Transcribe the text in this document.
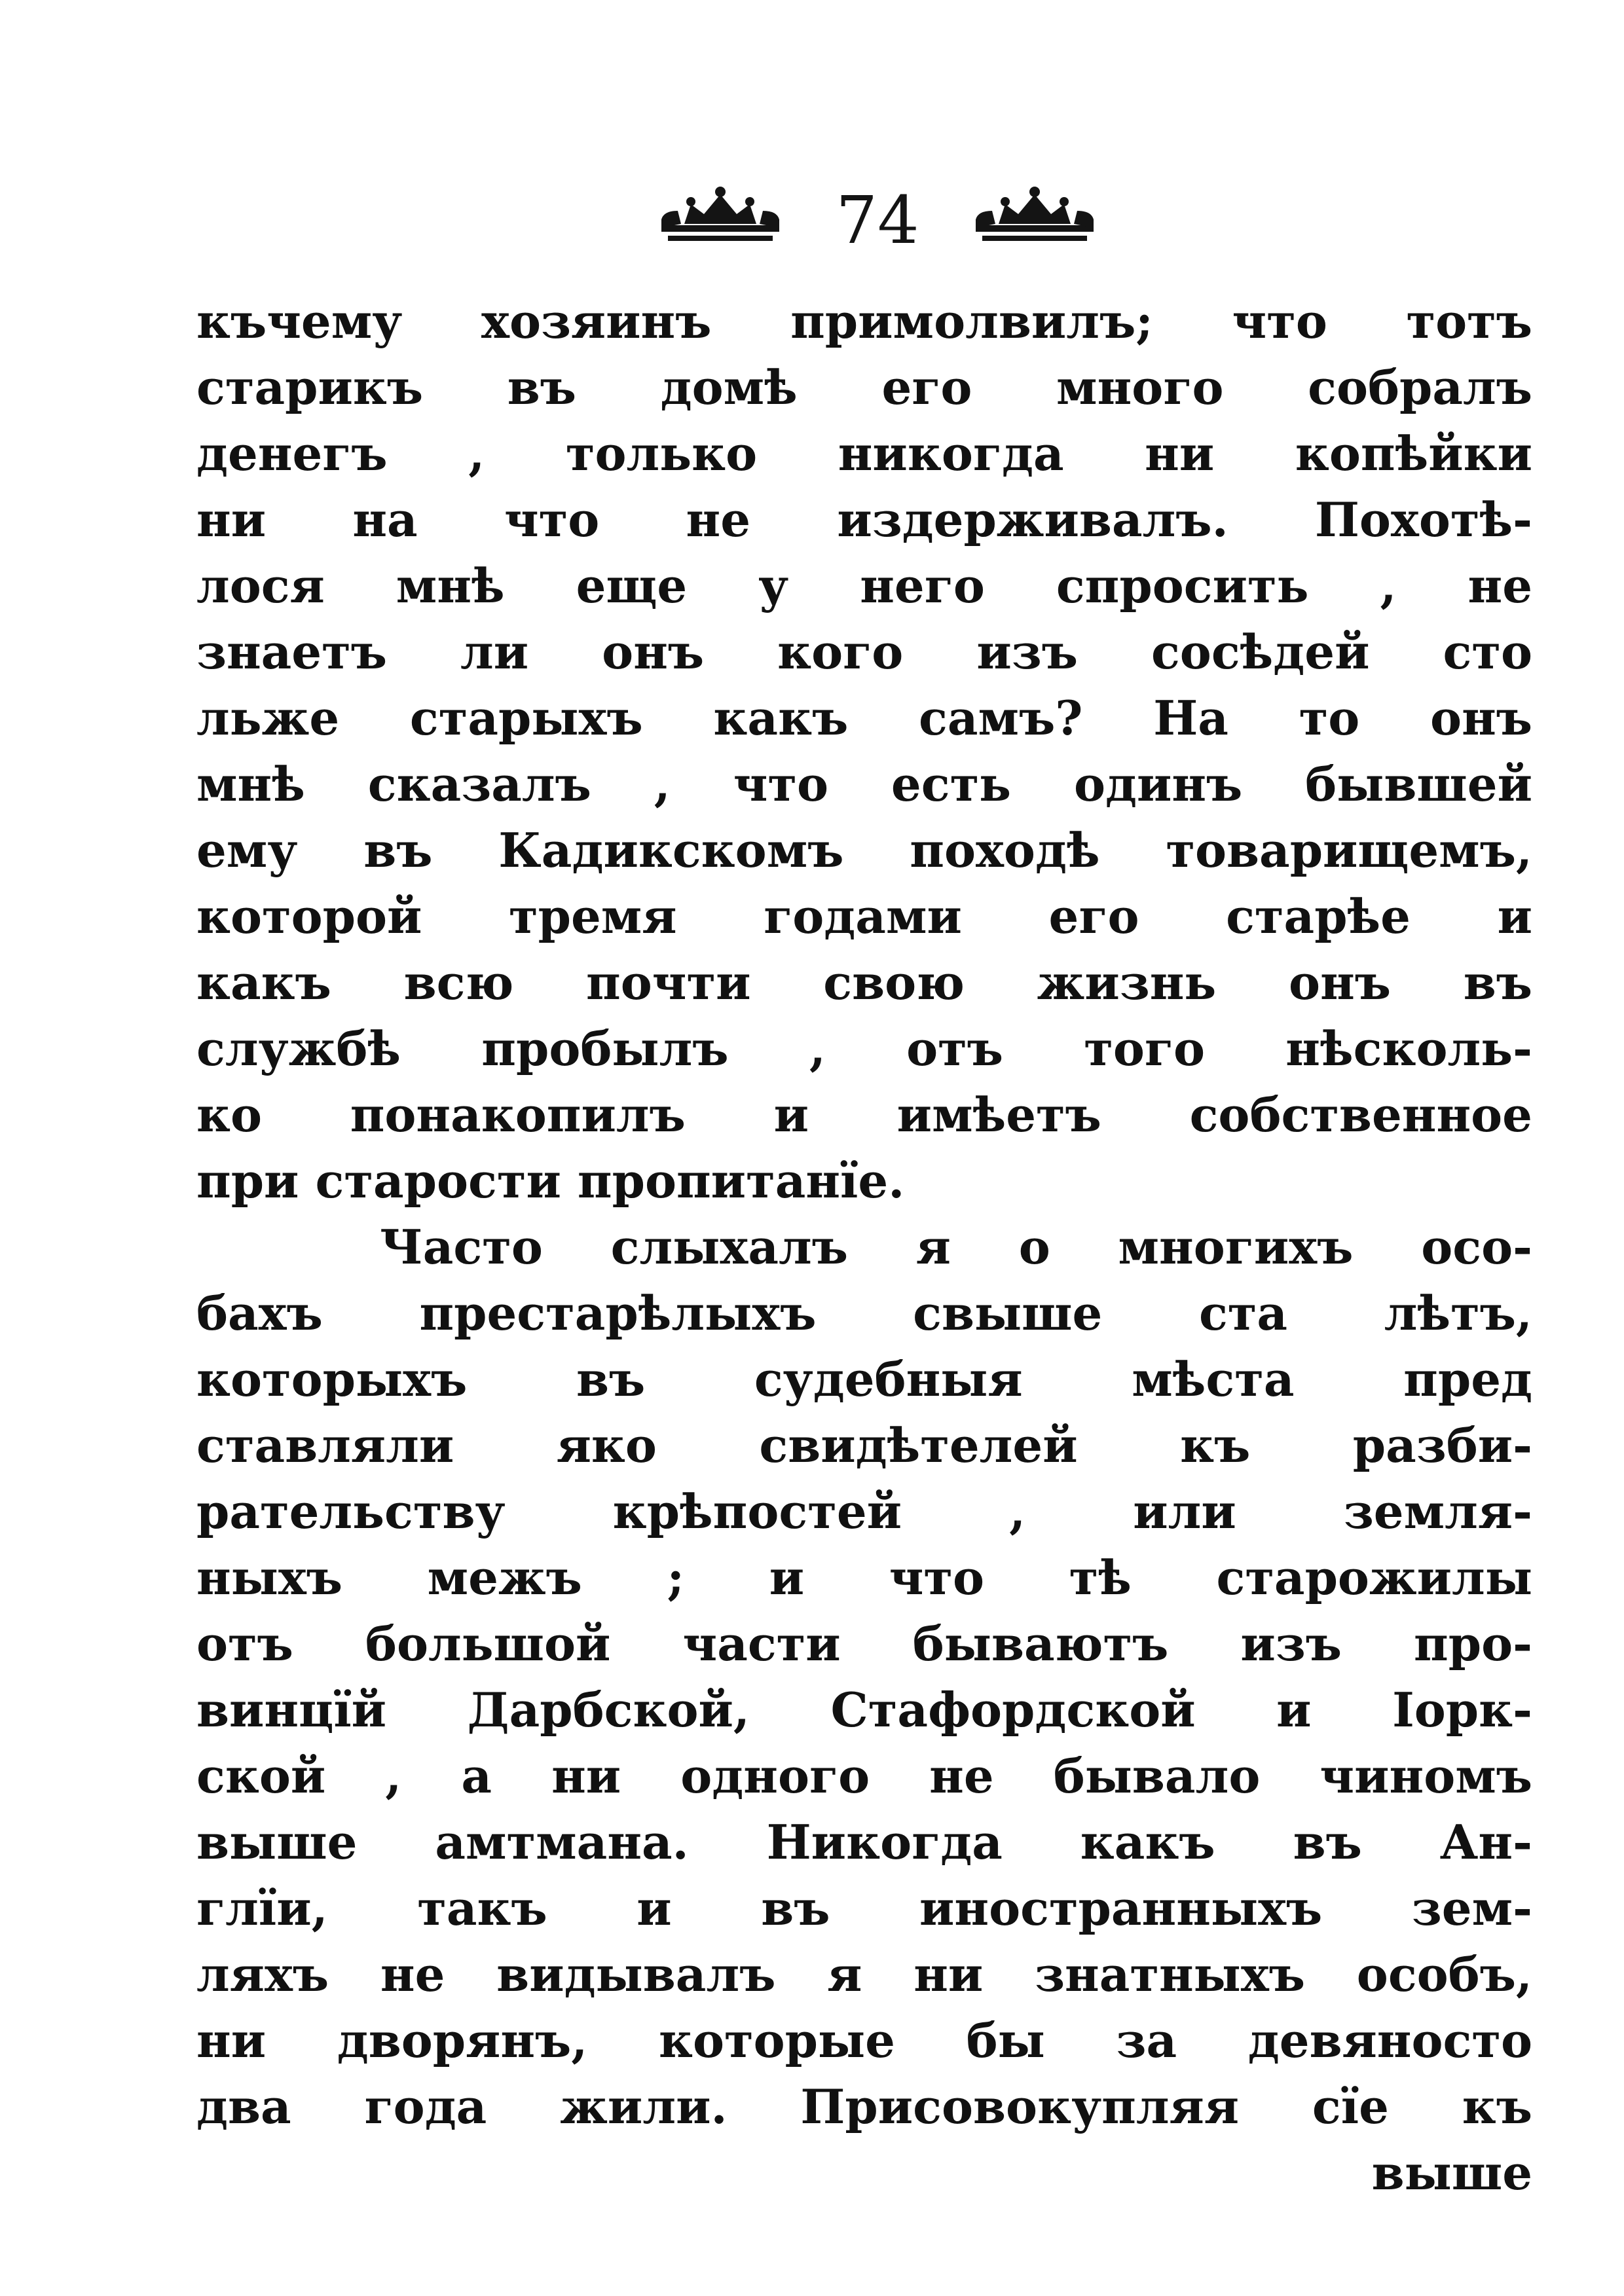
74
къчему хозяинъ примолвилъ; что тотъ
старикъ въ домѣ его много собралъ
денегъ , только никогда ни копѣйки
ни на что не издерживалъ. Похотѣ-
лося мнѣ еще у него спросить , не
знаетъ ли онъ кого изъ сосѣдей сто
льже старыхъ какъ самъ? На то онъ
мнѣ сказалъ , что есть одинъ бывшей
ему въ Кадикскомъ походѣ товарищемъ,
которой тремя годами его старѣе и
какъ всю почти свою жизнь онъ въ
службѣ пробылъ , отъ того нѣсколь-
ко понакопилъ и имѣетъ собственное
при старости пропитанїе.
Часто слыхалъ я о многихъ осо-
бахъ престарѣлыхъ свыше ста лѣтъ,
которыхъ въ судебныя мѣста пред
ставляли яко свидѣтелей къ разби-
рательству крѣпостей , или земля-
ныхъ межъ ; и что тѣ старожилы
отъ большой части бываютъ изъ про-
винцїй Дарбской, Стафордской и Іорк-
ской , а ни одного не бывало чиномъ
выше амтмана. Никогда какъ въ Ан-
глїи, такъ и въ иностранныхъ зем-
ляхъ не видывалъ я ни знатныхъ особъ,
ни дворянъ, которые бы за девяносто
два года жили. Присовокупляя сїе къ
выше
